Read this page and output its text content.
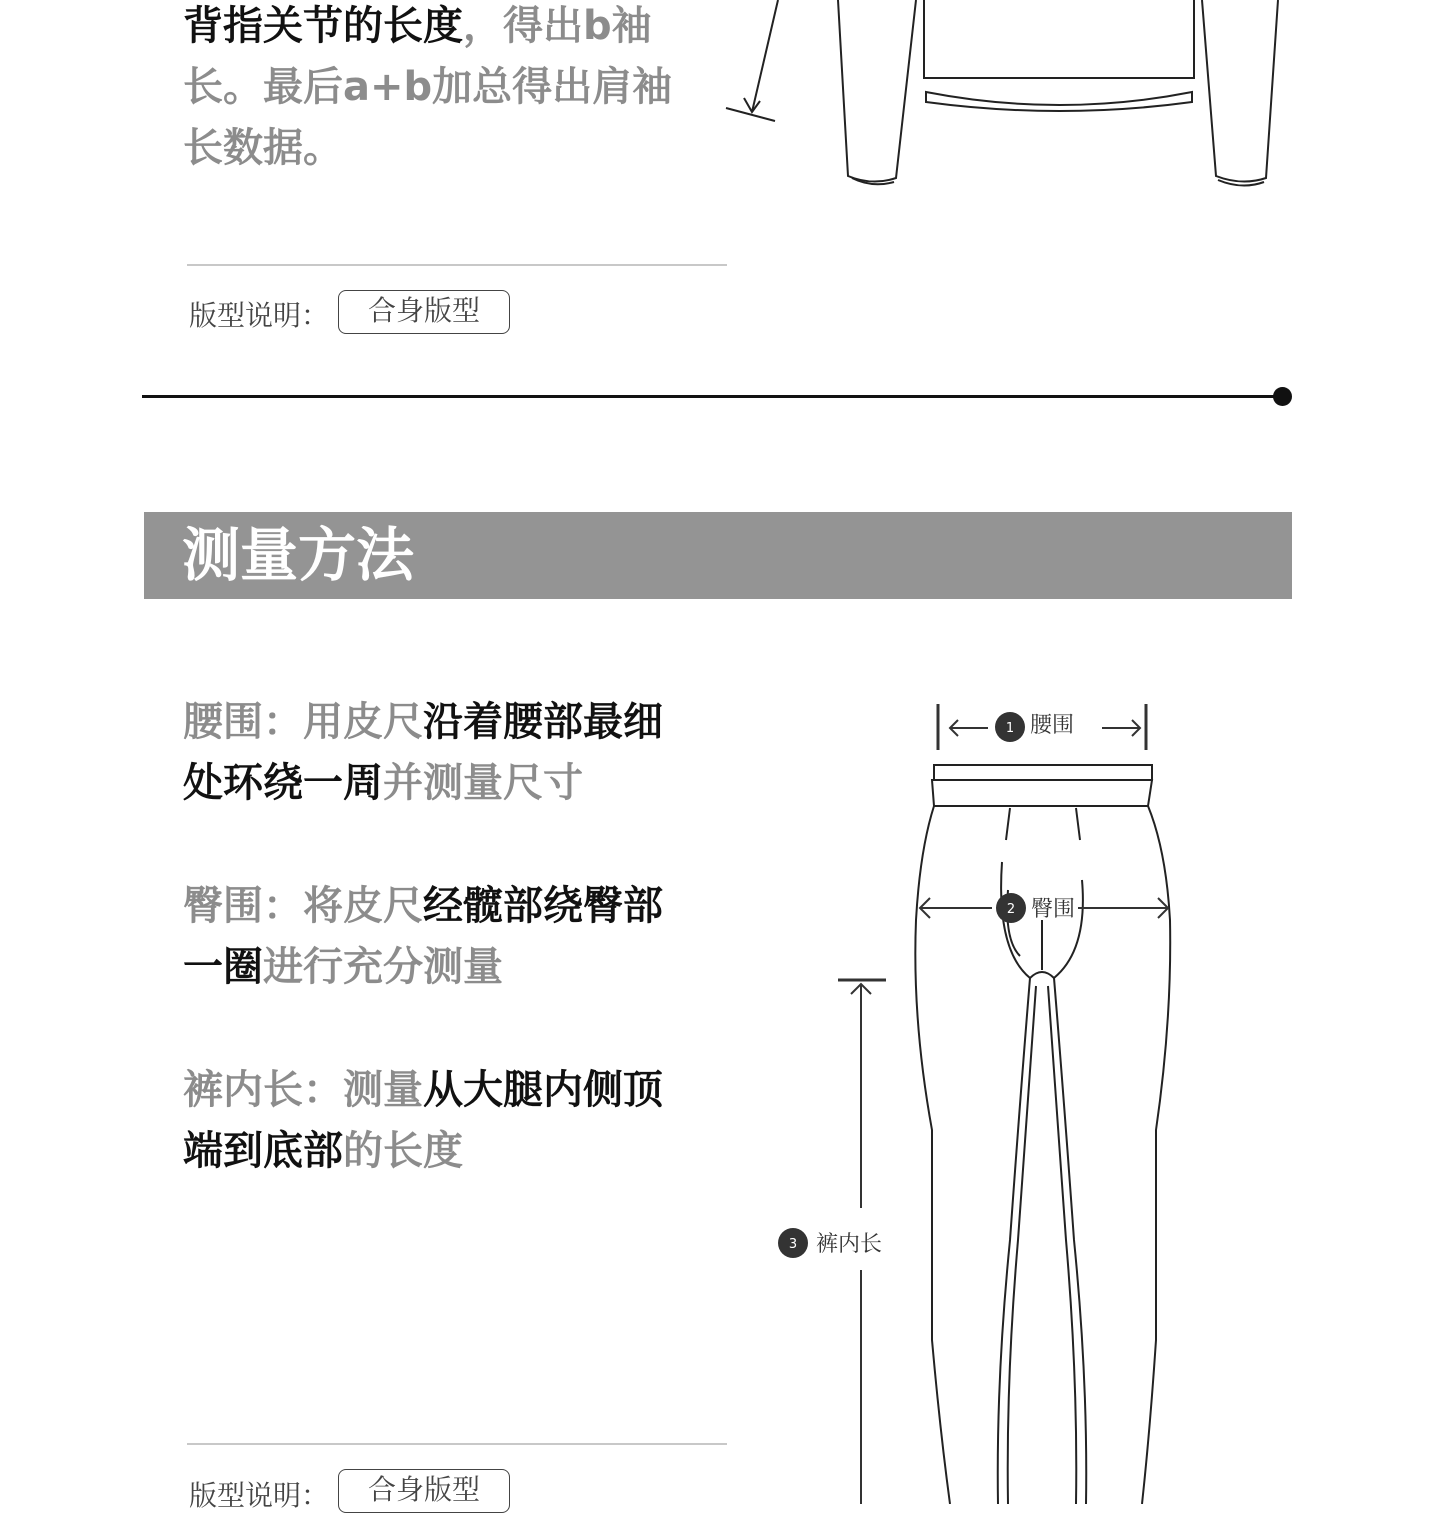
背指关节的长度，得出b袖
长。最后a+b加总得出肩袖
长数据。
版型说明：	合身版型
测量方法
腰围：用皮尺沿着腰部最细
处环绕一周并测量尺寸
臀围：将皮尺经髋部绕臀部
一圈进行充分测量
裤内长：测量从大腿内侧顶
端到底部的长度
版型说明：	合身版型
1 腰围
2 臀围
3 裤内长
